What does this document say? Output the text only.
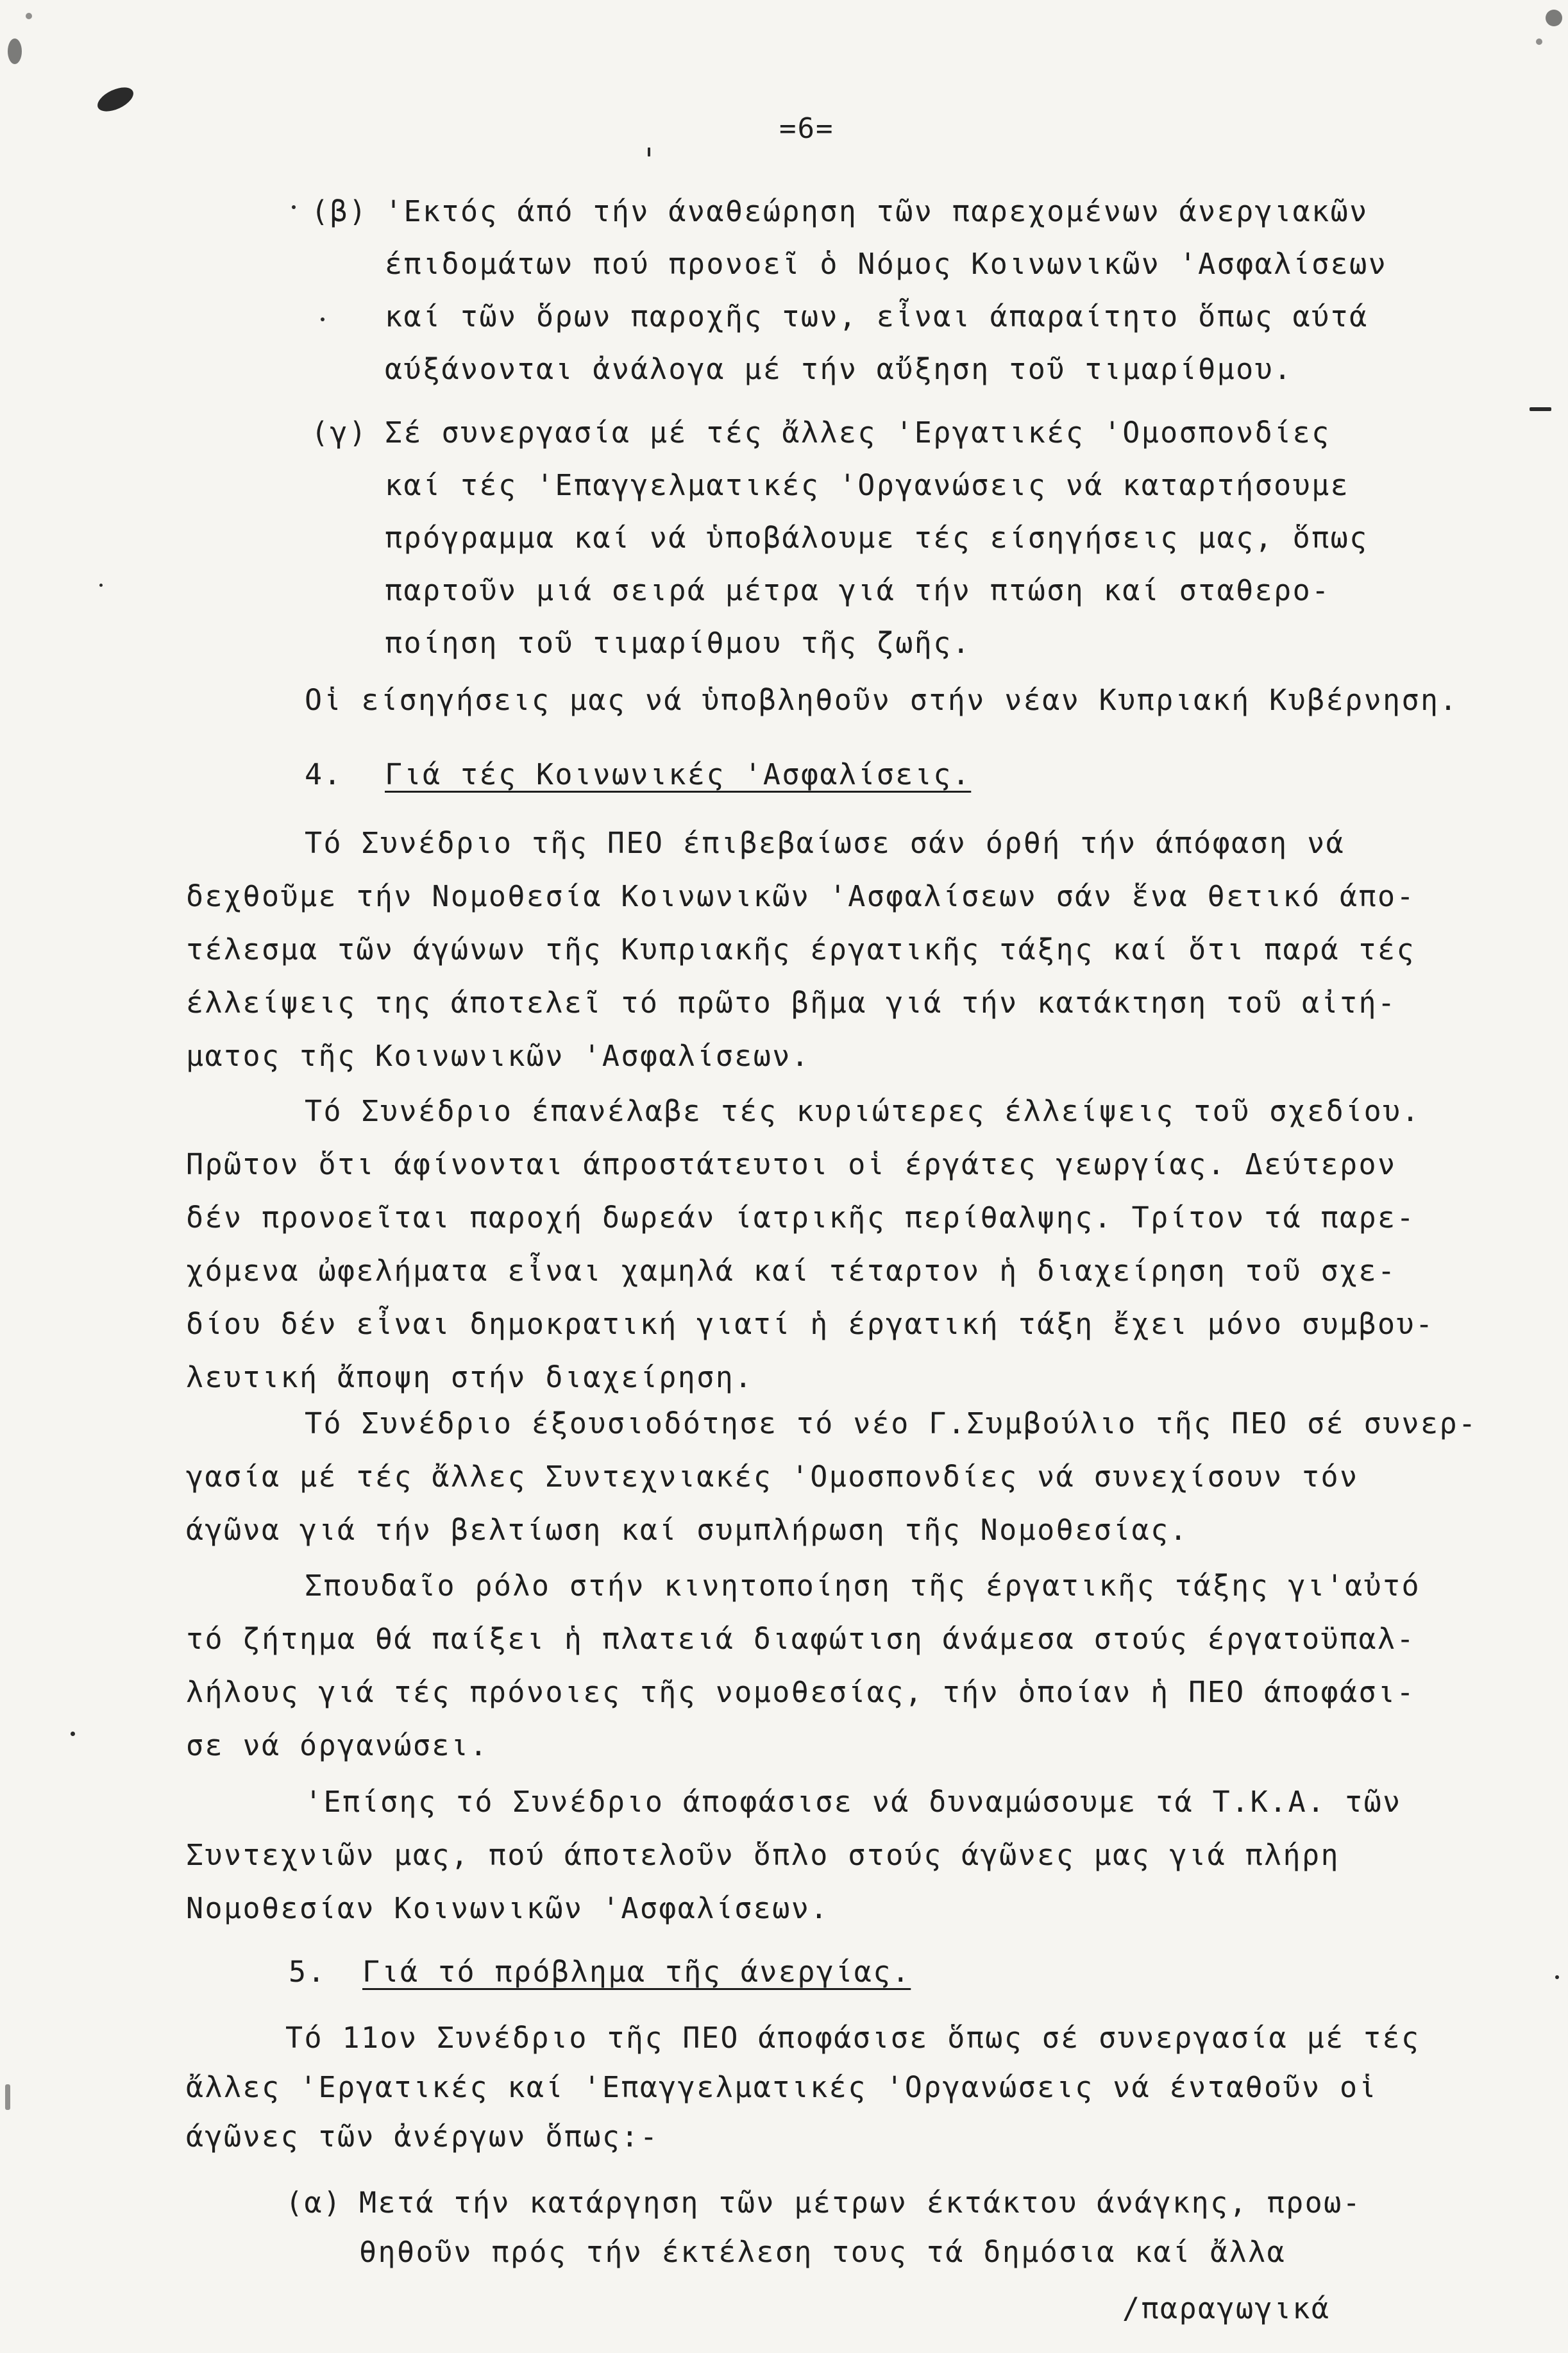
=6=
(β) 'Εκτός άπό τήν άναθεώρηση τῶν παρεχομένων άνεργιακῶν
έπιδομάτων πού προνοεῖ ὁ Νόμος Κοινωνικῶν 'Ασφαλίσεων
καί τῶν ὅρων παροχῆς των, εἶναι άπαραίτητο ὅπως αύτά
αύξάνονται ἀνάλογα μέ τήν αὔξηση τοῦ τιμαρίθμου.
(γ) Σέ συνεργασία μέ τές ἄλλες 'Εργατικές 'Ομοσπονδίες
καί τές 'Επαγγελματικές 'Οργανώσεις νά καταρτήσουμε
πρόγραμμα καί νά ὑποβάλουμε τές είσηγήσεις μας, ὅπως
παρτοῦν μιά σειρά μέτρα γιά τήν πτώση καί σταθερο-
ποίηση τοῦ τιμαρίθμου τῆς ζωῆς.
Οἱ είσηγήσεις μας νά ὑποβληθοῦν στήν νέαν Κυπριακή Κυβέρνηση.
4. Γιά τές Κοινωνικές 'Ασφαλίσεις.
Τό Συνέδριο τῆς ΠΕΟ έπιβεβαίωσε σάν όρθή τήν άπόφαση νά
δεχθοῦμε τήν Νομοθεσία Κοινωνικῶν 'Ασφαλίσεων σάν ἕνα θετικό άπο-
τέλεσμα τῶν άγώνων τῆς Κυπριακῆς έργατικῆς τάξης καί ὅτι παρά τές
έλλείψεις της άποτελεῖ τό πρῶτο βῆμα γιά τήν κατάκτηση τοῦ αἰτή-
ματος τῆς Κοινωνικῶν 'Ασφαλίσεων.
Τό Συνέδριο έπανέλαβε τές κυριώτερες έλλείψεις τοῦ σχεδίου.
Πρῶτον ὅτι άφίνονται άπροστάτευτοι οἱ έργάτες γεωργίας. Δεύτερον
δέν προνοεῖται παροχή δωρεάν ίατρικῆς περίθαλψης. Τρίτον τά παρε-
χόμενα ὠφελήματα εἶναι χαμηλά καί τέταρτον ἡ διαχείρηση τοῦ σχε-
δίου δέν εἶναι δημοκρατική γιατί ἡ έργατική τάξη ἔχει μόνο συμβου-
λευτική ἄποψη στήν διαχείρηση.
Τό Συνέδριο έξουσιοδότησε τό νέο Γ.Συμβούλιο τῆς ΠΕΟ σέ συνερ-
γασία μέ τές ἄλλες Συντεχνιακές 'Ομοσπονδίες νά συνεχίσουν τόν
άγῶνα γιά τήν βελτίωση καί συμπλήρωση τῆς Νομοθεσίας.
Σπουδαῖο ρόλο στήν κινητοποίηση τῆς έργατικῆς τάξης γι'αὐτό
τό ζήτημα θά παίξει ἡ πλατειά διαφώτιση άνάμεσα στούς έργατοϋπαλ-
λήλους γιά τές πρόνοιες τῆς νομοθεσίας, τήν ὁποίαν ἡ ΠΕΟ άποφάσι-
σε νά όργανώσει.
'Επίσης τό Συνέδριο άποφάσισε νά δυναμώσουμε τά Τ.Κ.Α. τῶν
Συντεχνιῶν μας, πού άποτελοῦν ὅπλο στούς άγῶνες μας γιά πλήρη
Νομοθεσίαν Κοινωνικῶν 'Ασφαλίσεων.
5. Γιά τό πρόβλημα τῆς άνεργίας.
Τό 11ον Συνέδριο τῆς ΠΕΟ άποφάσισε ὅπως σέ συνεργασία μέ τές
ἄλλες 'Εργατικές καί 'Επαγγελματικές 'Οργανώσεις νά ένταθοῦν οἱ
άγῶνες τῶν ἀνέργων ὅπως:-
(α) Μετά τήν κατάργηση τῶν μέτρων έκτάκτου άνάγκης, προω-
θηθοῦν πρός τήν έκτέλεση τους τά δημόσια καί ἄλλα
/παραγωγικά
